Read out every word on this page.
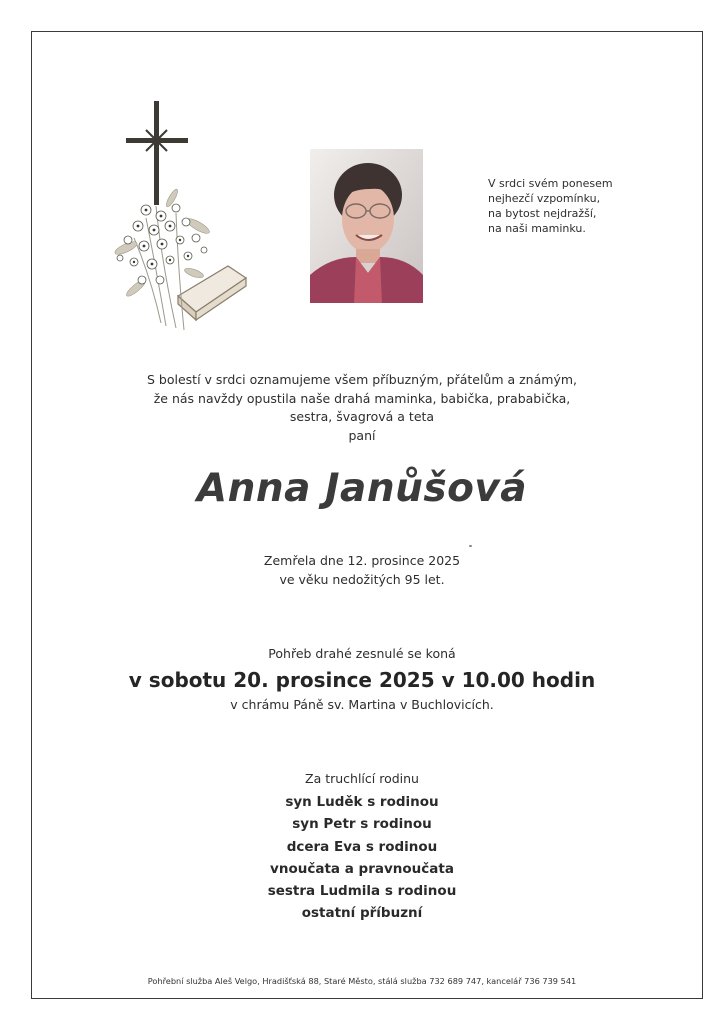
V srdci svém ponesem
nejhezčí vzpomínku,
na bytost nejdražší,
na naši maminku.
S bolestí v srdci oznamujeme všem příbuzným, přátelům a známým,
že nás navždy opustila naše drahá maminka, babička, prababička,
sestra, švagrová a teta
paní
Anna Janůšová
Zemřela dne 12. prosince 2025
ve věku nedožitých 95 let.
Pohřeb drahé zesnulé se koná
v sobotu 20. prosince 2025 v 10.00 hodin
v chrámu Páně sv. Martina v Buchlovicích.
Za truchlící rodinu
syn Luděk s rodinou
syn Petr s rodinou
dcera Eva s rodinou
vnoučata a pravnoučata
sestra Ludmila s rodinou
ostatní příbuzní
Pohřební služba Aleš Velgo, Hradišťská 88, Staré Město, stálá služba 732 689 747, kancelář 736 739 541
